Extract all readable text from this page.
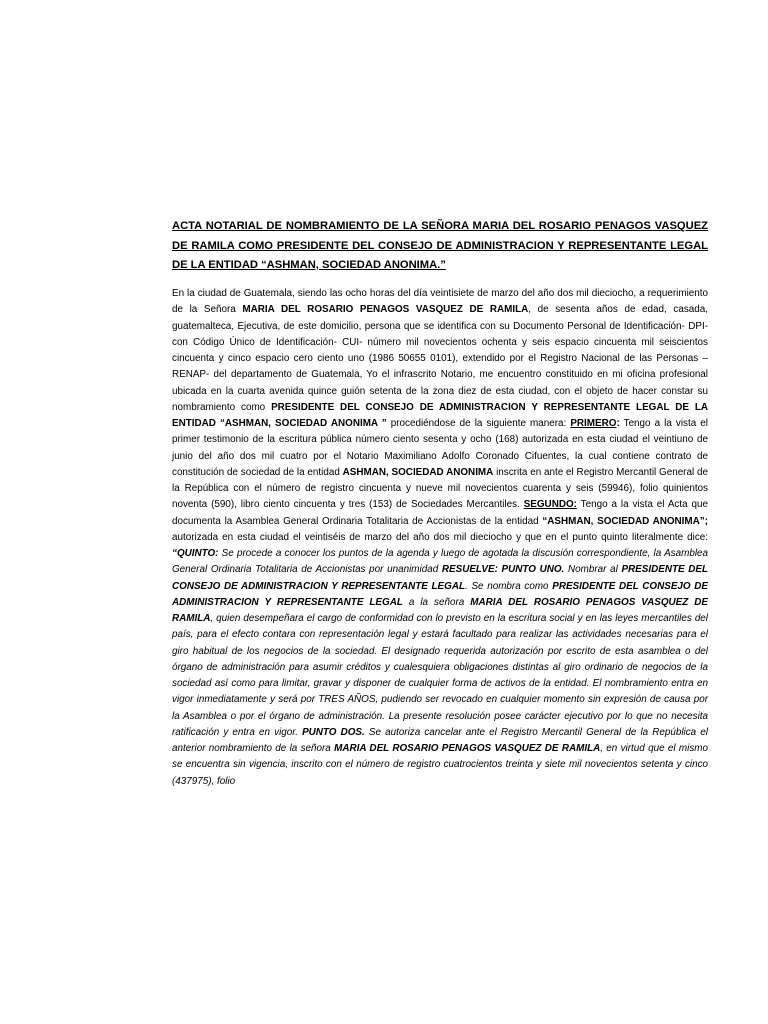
ACTA NOTARIAL DE NOMBRAMIENTO DE LA SEÑORA MARIA DEL ROSARIO PENAGOS VASQUEZ DE RAMILA COMO PRESIDENTE DEL CONSEJO DE ADMINISTRACION Y REPRESENTANTE LEGAL DE LA ENTIDAD “ASHMAN, SOCIEDAD ANONIMA.”

En la ciudad de Guatemala, siendo las ocho horas del día veintisiete de marzo del año dos mil dieciocho, a requerimiento de la Señora MARIA DEL ROSARIO PENAGOS VASQUEZ DE RAMILA, de sesenta años de edad, casada, guatemalteca, Ejecutiva, de este domicilio, persona que se identifica con su Documento Personal de Identificación- DPI- con Código Único de Identificación- CUI- número mil novecientos ochenta y seis espacio cincuenta mil seiscientos cincuenta y cinco espacio cero ciento uno (1986 50655 0101), extendido por el Registro Nacional de las Personas – RENAP- del departamento de Guatemala, Yo el infrascrito Notario, me encuentro constituido en mi oficina profesional ubicada en la cuarta avenida quince guión setenta de la zona diez de esta ciudad, con el objeto de hacer constar su nombramiento como PRESIDENTE DEL CONSEJO DE ADMINISTRACION Y REPRESENTANTE LEGAL DE LA ENTIDAD “ASHMAN, SOCIEDAD ANONIMA ” procediéndose de la siguiente manera: PRIMERO: Tengo a la vista el primer testimonio de la escritura pública número ciento sesenta y ocho (168) autorizada en esta ciudad el veintiuno de junio del año dos mil cuatro por el Notario Maximiliano Adolfo Coronado Cifuentes, la cual contiene contrato de constitución de sociedad de la entidad ASHMAN, SOCIEDAD ANONIMA inscrita en ante el Registro Mercantil General de la República con el número de registro cincuenta y nueve mil novecientos cuarenta y seis (59946), folio quinientos noventa (590), libro ciento cincuenta y tres (153) de Sociedades Mercantiles. SEGUNDO: Tengo a la vista el Acta que documenta la Asamblea General Ordinaria Totalitaria de Accionistas de la entidad “ASHMAN, SOCIEDAD ANONIMA”; autorizada en esta ciudad el veintiséis de marzo del año dos mil dieciocho y que en el punto quinto literalmente dice: “QUINTO: Se procede a conocer los puntos de la agenda y luego de agotada la discusión correspondiente, la Asamblea General Ordinaria Totalitaria de Accionistas por unanimidad RESUELVE: PUNTO UNO. Nombrar al PRESIDENTE DEL CONSEJO DE ADMINISTRACION Y REPRESENTANTE LEGAL. Se nombra como PRESIDENTE DEL CONSEJO DE ADMINISTRACION Y REPRESENTANTE LEGAL a la señora MARIA DEL ROSARIO PENAGOS VASQUEZ DE RAMILA, quien desempeñara el cargo de conformidad con lo previsto en la escritura social y en las leyes mercantiles del país, para el efecto contara con representación legal y estará facultado para realizar las actividades necesarias para el giro habitual de los negocios de la sociedad. El designado requerida autorización por escrito de esta asamblea o del órgano de administración para asumir créditos y cualesquiera obligaciones distintas al giro ordinario de negocios de la sociedad así como para limitar, gravar y disponer de cualquier forma de activos de la entidad. El nombramiento entra en vigor inmediatamente y será por TRES AÑOS, pudiendo ser revocado en cualquier momento sin expresión de causa por la Asamblea o por el órgano de administración. La presente resolución posee carácter ejecutivo por lo que no necesita ratificación y entra en vigor. PUNTO DOS. Se autoriza cancelar ante el Registro Mercantil General de la República el anterior nombramiento de la señora MARIA DEL ROSARIO PENAGOS VASQUEZ DE RAMILA, en virtud que el mismo se encuentra sin vigencia, inscrito con el número de registro cuatrocientos treinta y siete mil novecientos setenta y cinco (437975), folio
